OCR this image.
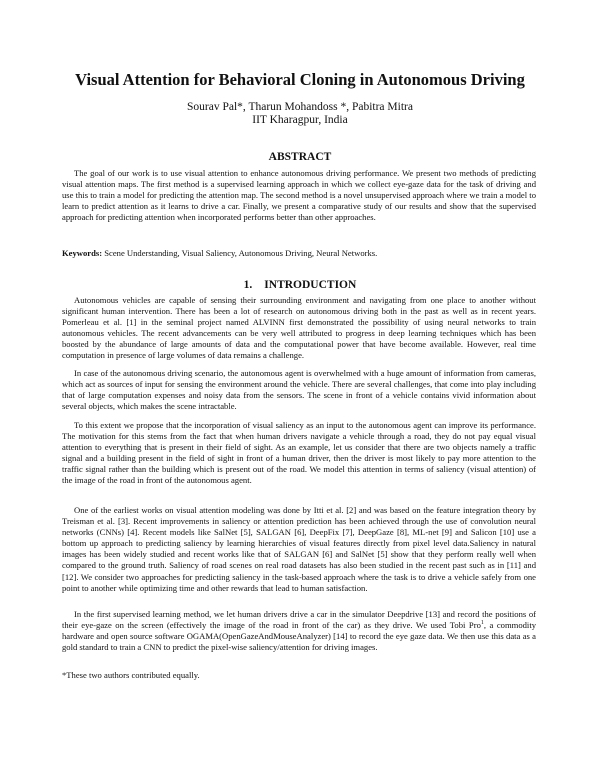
Visual Attention for Behavioral Cloning in Autonomous Driving
Sourav Pal*, Tharun Mohandoss *, Pabitra Mitra
IIT Kharagpur, India
ABSTRACT

The goal of our work is to use visual attention to enhance autonomous driving performance. We present two methods of predicting visual attention maps. The first method is a supervised learning approach in which we collect eye-gaze data for the task of driving and use this to train a model for predicting the attention map. The second method is a novel unsupervised approach where we train a model to learn to predict attention as it learns to drive a car. Finally, we present a comparative study of our results and show that the supervised approach for predicting attention when incorporated performs better than other approaches.

Keywords: Scene Understanding, Visual Saliency, Autonomous Driving, Neural Networks.

1. INTRODUCTION

Autonomous vehicles are capable of sensing their surrounding environment and navigating from one place to another without significant human intervention. There has been a lot of research on autonomous driving both in the past as well as in recent years. Pomerleau et al. [1] in the seminal project named ALVINN first demonstrated the possibility of using neural networks to train autonomous vehicles. The recent advancements can be very well attributed to progress in deep learning techniques which has been boosted by the abundance of large amounts of data and the computational power that have become available. However, real time computation in presence of large volumes of data remains a challenge.

In case of the autonomous driving scenario, the autonomous agent is overwhelmed with a huge amount of information from cameras, which act as sources of input for sensing the environment around the vehicle. There are several challenges, that come into play including that of large computation expenses and noisy data from the sensors. The scene in front of a vehicle contains vivid information about several objects, which makes the scene intractable.

To this extent we propose that the incorporation of visual saliency as an input to the autonomous agent can improve its performance. The motivation for this stems from the fact that when human drivers navigate a vehicle through a road, they do not pay equal visual attention to everything that is present in their field of sight. As an example, let us consider that there are two objects namely a traffic signal and a building present in the field of sight in front of a human driver, then the driver is most likely to pay more attention to the traffic signal rather than the building which is present out of the road. We model this attention in terms of saliency (visual attention) of the image of the road in front of the autonomous agent.

One of the earliest works on visual attention modeling was done by Itti et al. [2] and was based on the feature integration theory by Treisman et al. [3]. Recent improvements in saliency or attention prediction has been achieved through the use of convolution neural networks (CNNs) [4]. Recent models like SalNet [5], SALGAN [6], DeepFix [7], DeepGaze [8], ML-net [9] and Salicon [10] use a bottom up approach to predicting saliency by learning hierarchies of visual features directly from pixel level data.Saliency in natural images has been widely studied and recent works like that of SALGAN [6] and SalNet [5] show that they perform really well when compared to the ground truth. Saliency of road scenes on real road datasets has also been studied in the recent past such as in [11] and [12]. We consider two approaches for predicting saliency in the task-based approach where the task is to drive a vehicle safely from one point to another while optimizing time and other rewards that lead to human satisfaction.

In the first supervised learning method, we let human drivers drive a car in the simulator Deepdrive [13] and record the positions of their eye-gaze on the screen (effectively the image of the road in front of the car) as they drive. We used Tobi Pro$^1$, a commodity hardware and open source software OGAMA(OpenGazeAndMouseAnalyzer) [14] to record the eye gaze data. We then use this data as a gold standard to train a CNN to predict the pixel-wise saliency/attention for driving images.

*These two authors contributed equally.
